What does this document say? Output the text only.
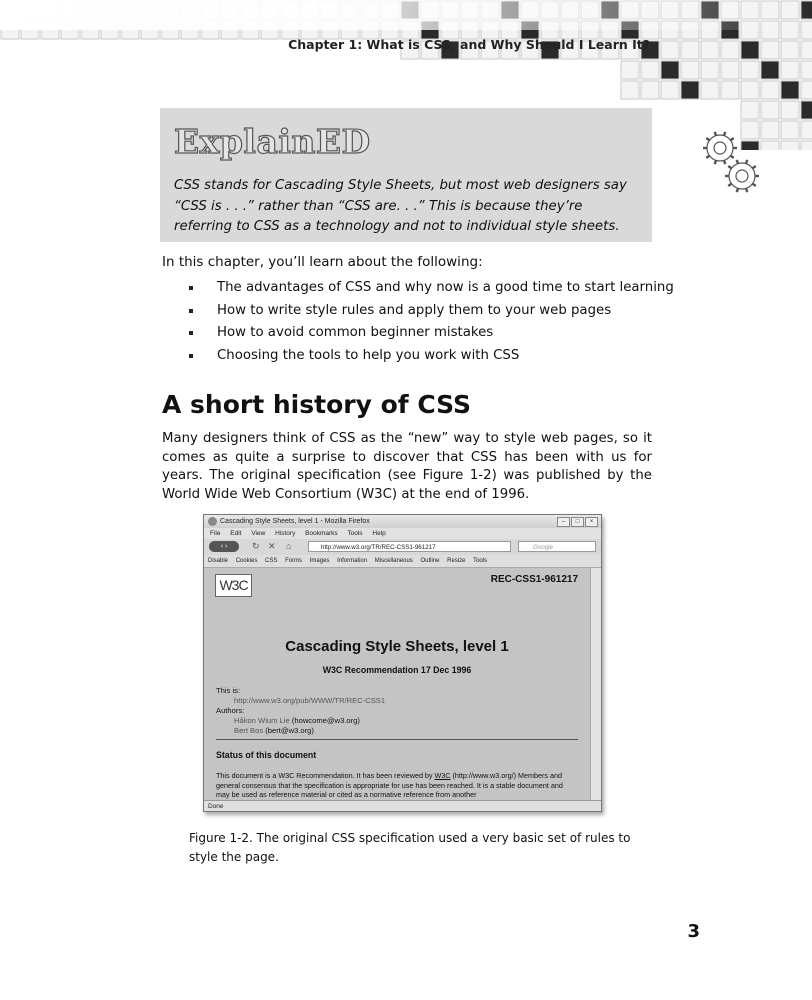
Chapter 1: What is CSS, and Why Should I Learn It?
ExplainED
CSS stands for Cascading Style Sheets, but most web designers say “CSS is . . .” rather than “CSS are. . .” This is because they’re referring to CSS as a technology and not to individual style sheets.
In this chapter, you’ll learn about the following:
The advantages of CSS and why now is a good time to start learning
How to write style rules and apply them to your web pages
How to avoid common beginner mistakes
Choosing the tools to help you work with CSS
A short history of CSS
Many designers think of CSS as the “new” way to style web pages, so it comes as quite a surprise to discover that CSS has been with us for years. The original specification (see Figure 1-2) was published by the World Wide Web Consortium (W3C) at the end of 1996.
Cascading Style Sheets, level 1 - Mozilla Firefox	–	□	×
File Edit View History Bookmarks Tools Help
‹ ›	↻ ✕ ⌂	http://www.w3.org/TR/REC-CSS1-961217	Google
Disable Cookies CSS Forms Images Information Miscellaneous Outline Resize Tools
W3C	REC-CSS1-961217
Cascading Style Sheets, level 1
W3C Recommendation 17 Dec 1996
This is:
http://www.w3.org/pub/WWW/TR/REC-CSS1
Authors:
Håkon Wium Lie (howcome@w3.org)
Bert Bos (bert@w3.org)
Status of this document
This document is a W3C Recommendation. It has been reviewed by W3C (http://www.w3.org/) Members and general consensus that the specification is appropriate for use has been reached. It is a stable document and may be used as reference material or cited as a normative reference from another
Done
Figure 1-2. The original CSS specification used a very basic set of rules to style the page.
3
